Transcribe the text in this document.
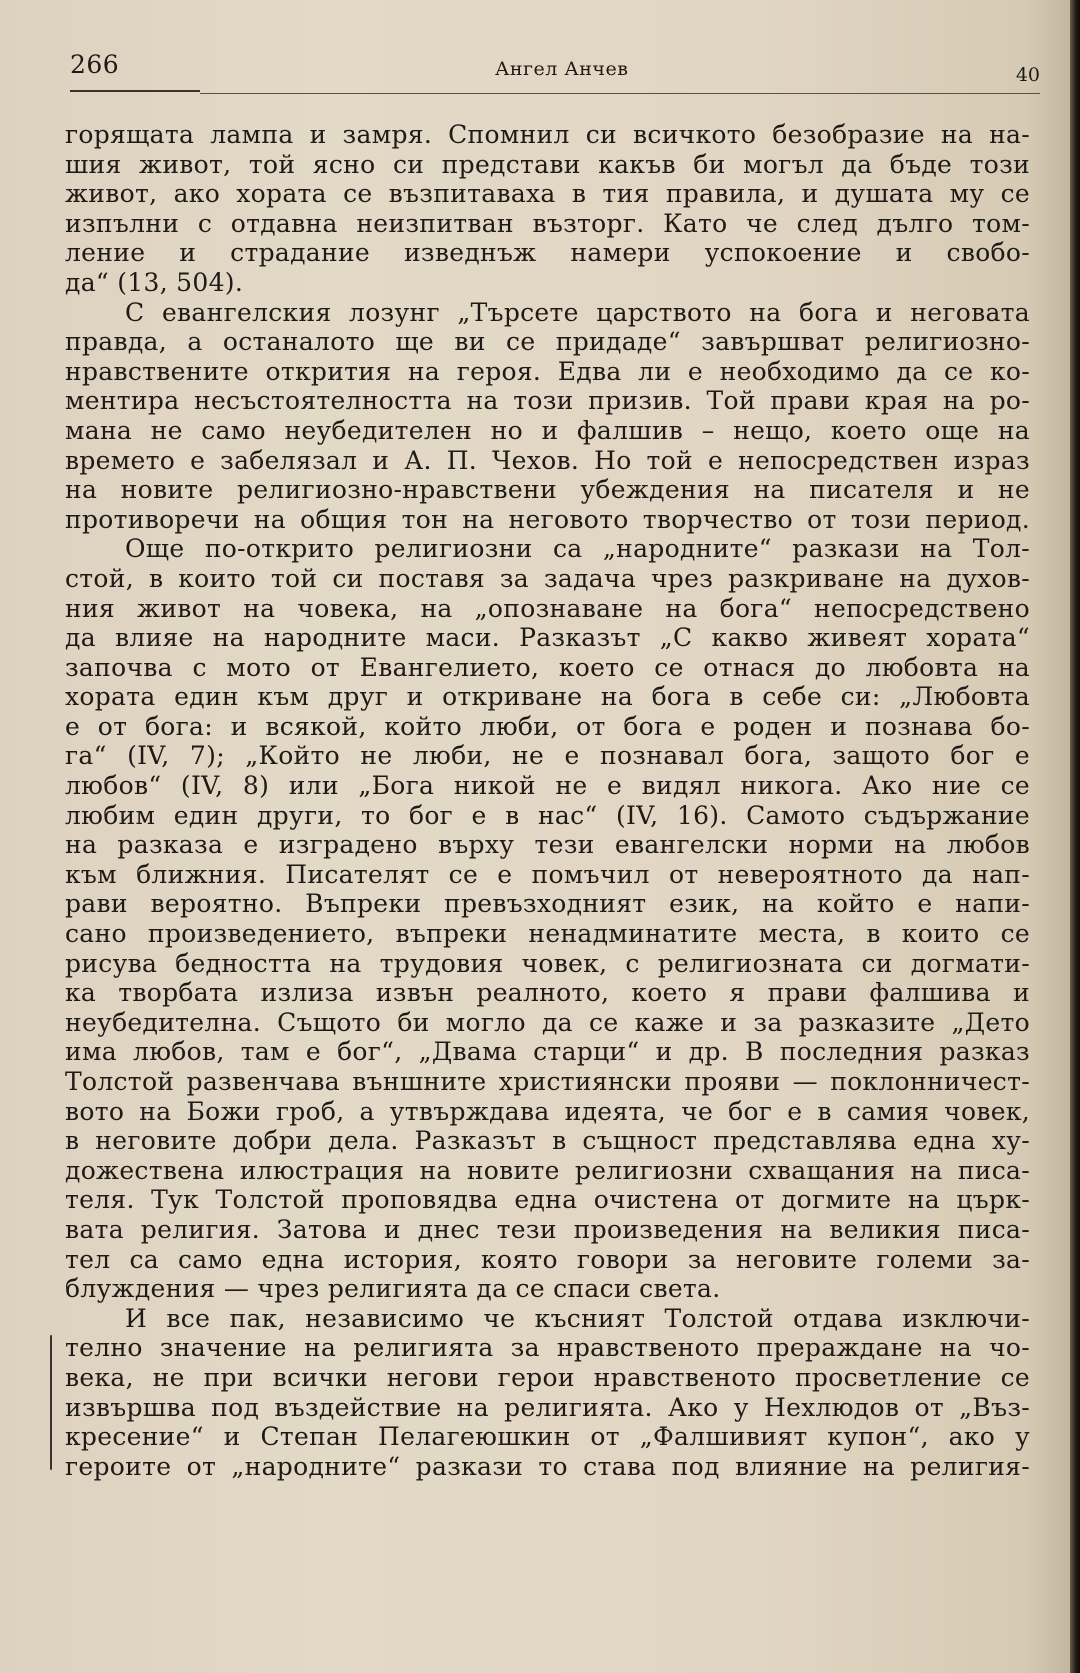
266	Ангел Анчев	40
горящата лампа и замря. Спомнил си всичкото безобразие на на-
шия живот, той ясно си представи какъв би могъл да бъде този
живот, ако хората се възпитаваха в тия правила, и душата му се
изпълни с отдавна неизпитван възторг. Като че след дълго том-
ление и страдание изведнъж намери успокоение и свобо-
да“ (13, 504).
С евангелския лозунг „Търсете царството на бога и неговата
правда, а останалото ще ви се придаде“ завършват религиозно-
нравствените открития на героя. Едва ли е необходимо да се ко-
ментира несъстоятелността на този призив. Той прави края на ро-
мана не само неубедителен но и фалшив – нещо, което още на
времето е забелязал и А. П. Чехов. Но той е непосредствен израз
на новите религиозно-нравствени убеждения на писателя и не
противоречи на общия тон на неговото творчество от този период.
Още по-открито религиозни са „народните“ разкази на Тол-
стой, в които той си поставя за задача чрез разкриване на духов-
ния живот на човека, на „опознаване на бога“ непосредствено
да влияе на народните маси. Разказът „С какво живеят хората“
започва с мото от Евангелието, което се отнася до любовта на
хората един към друг и откриване на бога в себе си: „Любовта
е от бога: и всякой, който люби, от бога е роден и познава бо-
га“ (IV, 7); „Който не люби, не е познавал бога, защото бог е
любов“ (IV, 8) или „Бога никой не е видял никога. Ако ние се
любим един други, то бог е в нас“ (IV, 16). Самото съдържание
на разказа е изградено върху тези евангелски норми на любов
към ближния. Писателят се е помъчил от невероятното да нап-
рави вероятно. Въпреки превъзходният език, на който е напи-
сано произведението, въпреки ненадминатите места, в които се
рисува бедността на трудовия човек, с религиозната си догмати-
ка творбата излиза извън реалното, което я прави фалшива и
неубедителна. Същото би могло да се каже и за разказите „Дето
има любов, там е бог“, „Двама старци“ и др. В последния разказ
Толстой развенчава външните християнски прояви — поклонничест-
вото на Божи гроб, а утвърждава идеята, че бог е в самия човек,
в неговите добри дела. Разказът в същност представлява една ху-
дожествена илюстрация на новите религиозни схващания на писа-
теля. Тук Толстой проповядва една очистена от догмите на църк-
вата религия. Затова и днес тези произведения на великия писа-
тел са само една история, която говори за неговите големи за-
блуждения — чрез религията да се спаси света.
И все пак, независимо че късният Толстой отдава изключи-
телно значение на религията за нравственото прераждане на чо-
века, не при всички негови герои нравственото просветление се
извършва под въздействие на религията. Ако у Нехлюдов от „Въз-
кресение“ и Степан Пелагеюшкин от „Фалшивият купон“, ако у
героите от „народните“ разкази то става под влияние на религия-
